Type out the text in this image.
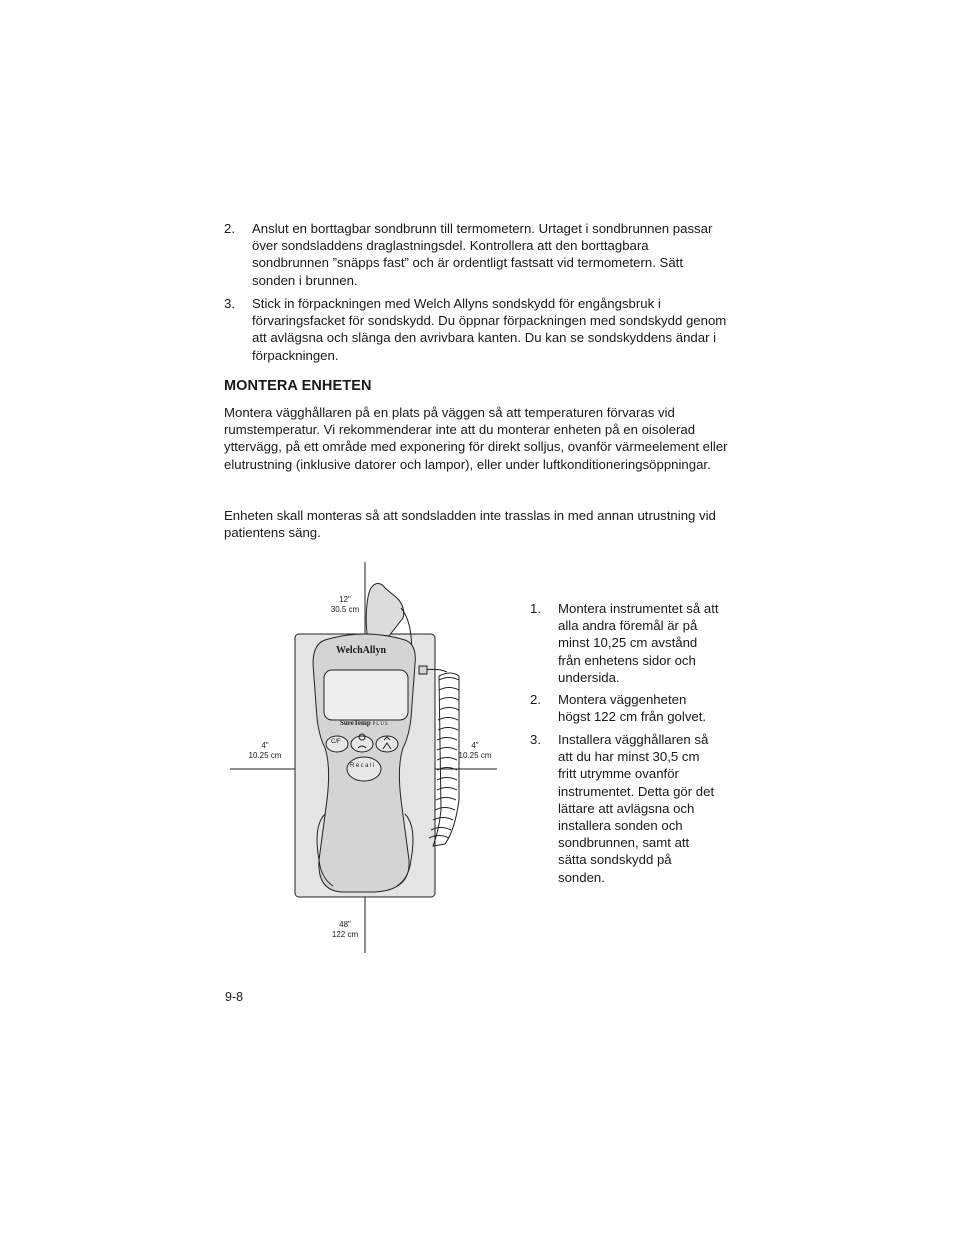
2. Anslut en borttagbar sondbrunn till termometern. Urtaget i sondbrunnen passar över sondsladdens draglastningsdel. Kontrollera att den borttagbara sondbrunnen ”snäpps fast” och är ordentligt fastsatt vid termometern. Sätt sonden i brunnen.
3. Stick in förpackningen med Welch Allyns sondskydd för engångsbruk i förvaringsfacket för sondskydd. Du öppnar förpackningen med sondskydd genom att avlägsna och slänga den avrivbara kanten. Du kan se sondskyddens ändar i förpackningen.
MONTERA ENHETEN
Montera vägghållaren på en plats på väggen så att temperaturen förvaras vid rumstemperatur. Vi rekommenderar inte att du monterar enheten på en oisolerad yttervägg, på ett område med exponering för direkt solljus, ovanför värmeelement eller elutrustning (inklusive datorer och lampor), eller under luftkonditioneringsöppningar.
Enheten skall monteras så att sondsladden inte trasslas in med annan utrustning vid patientens säng.
12"
30.5 cm
4"
10.25 cm
4"
10.25 cm
48"
122 cm
WelchAllyn
SureTemp PLUS
C/F
Recall
1. Montera instrumentet så att alla andra föremål är på minst 10,25 cm avstånd från enhetens sidor och undersida.
2. Montera väggenheten högst 122 cm från golvet.
3. Installera vägghållaren så att du har minst 30,5 cm fritt utrymme ovanför instrumentet. Detta gör det lättare att avlägsna och installera sonden och sondbrunnen, samt att sätta sondskydd på sonden.
9-8
